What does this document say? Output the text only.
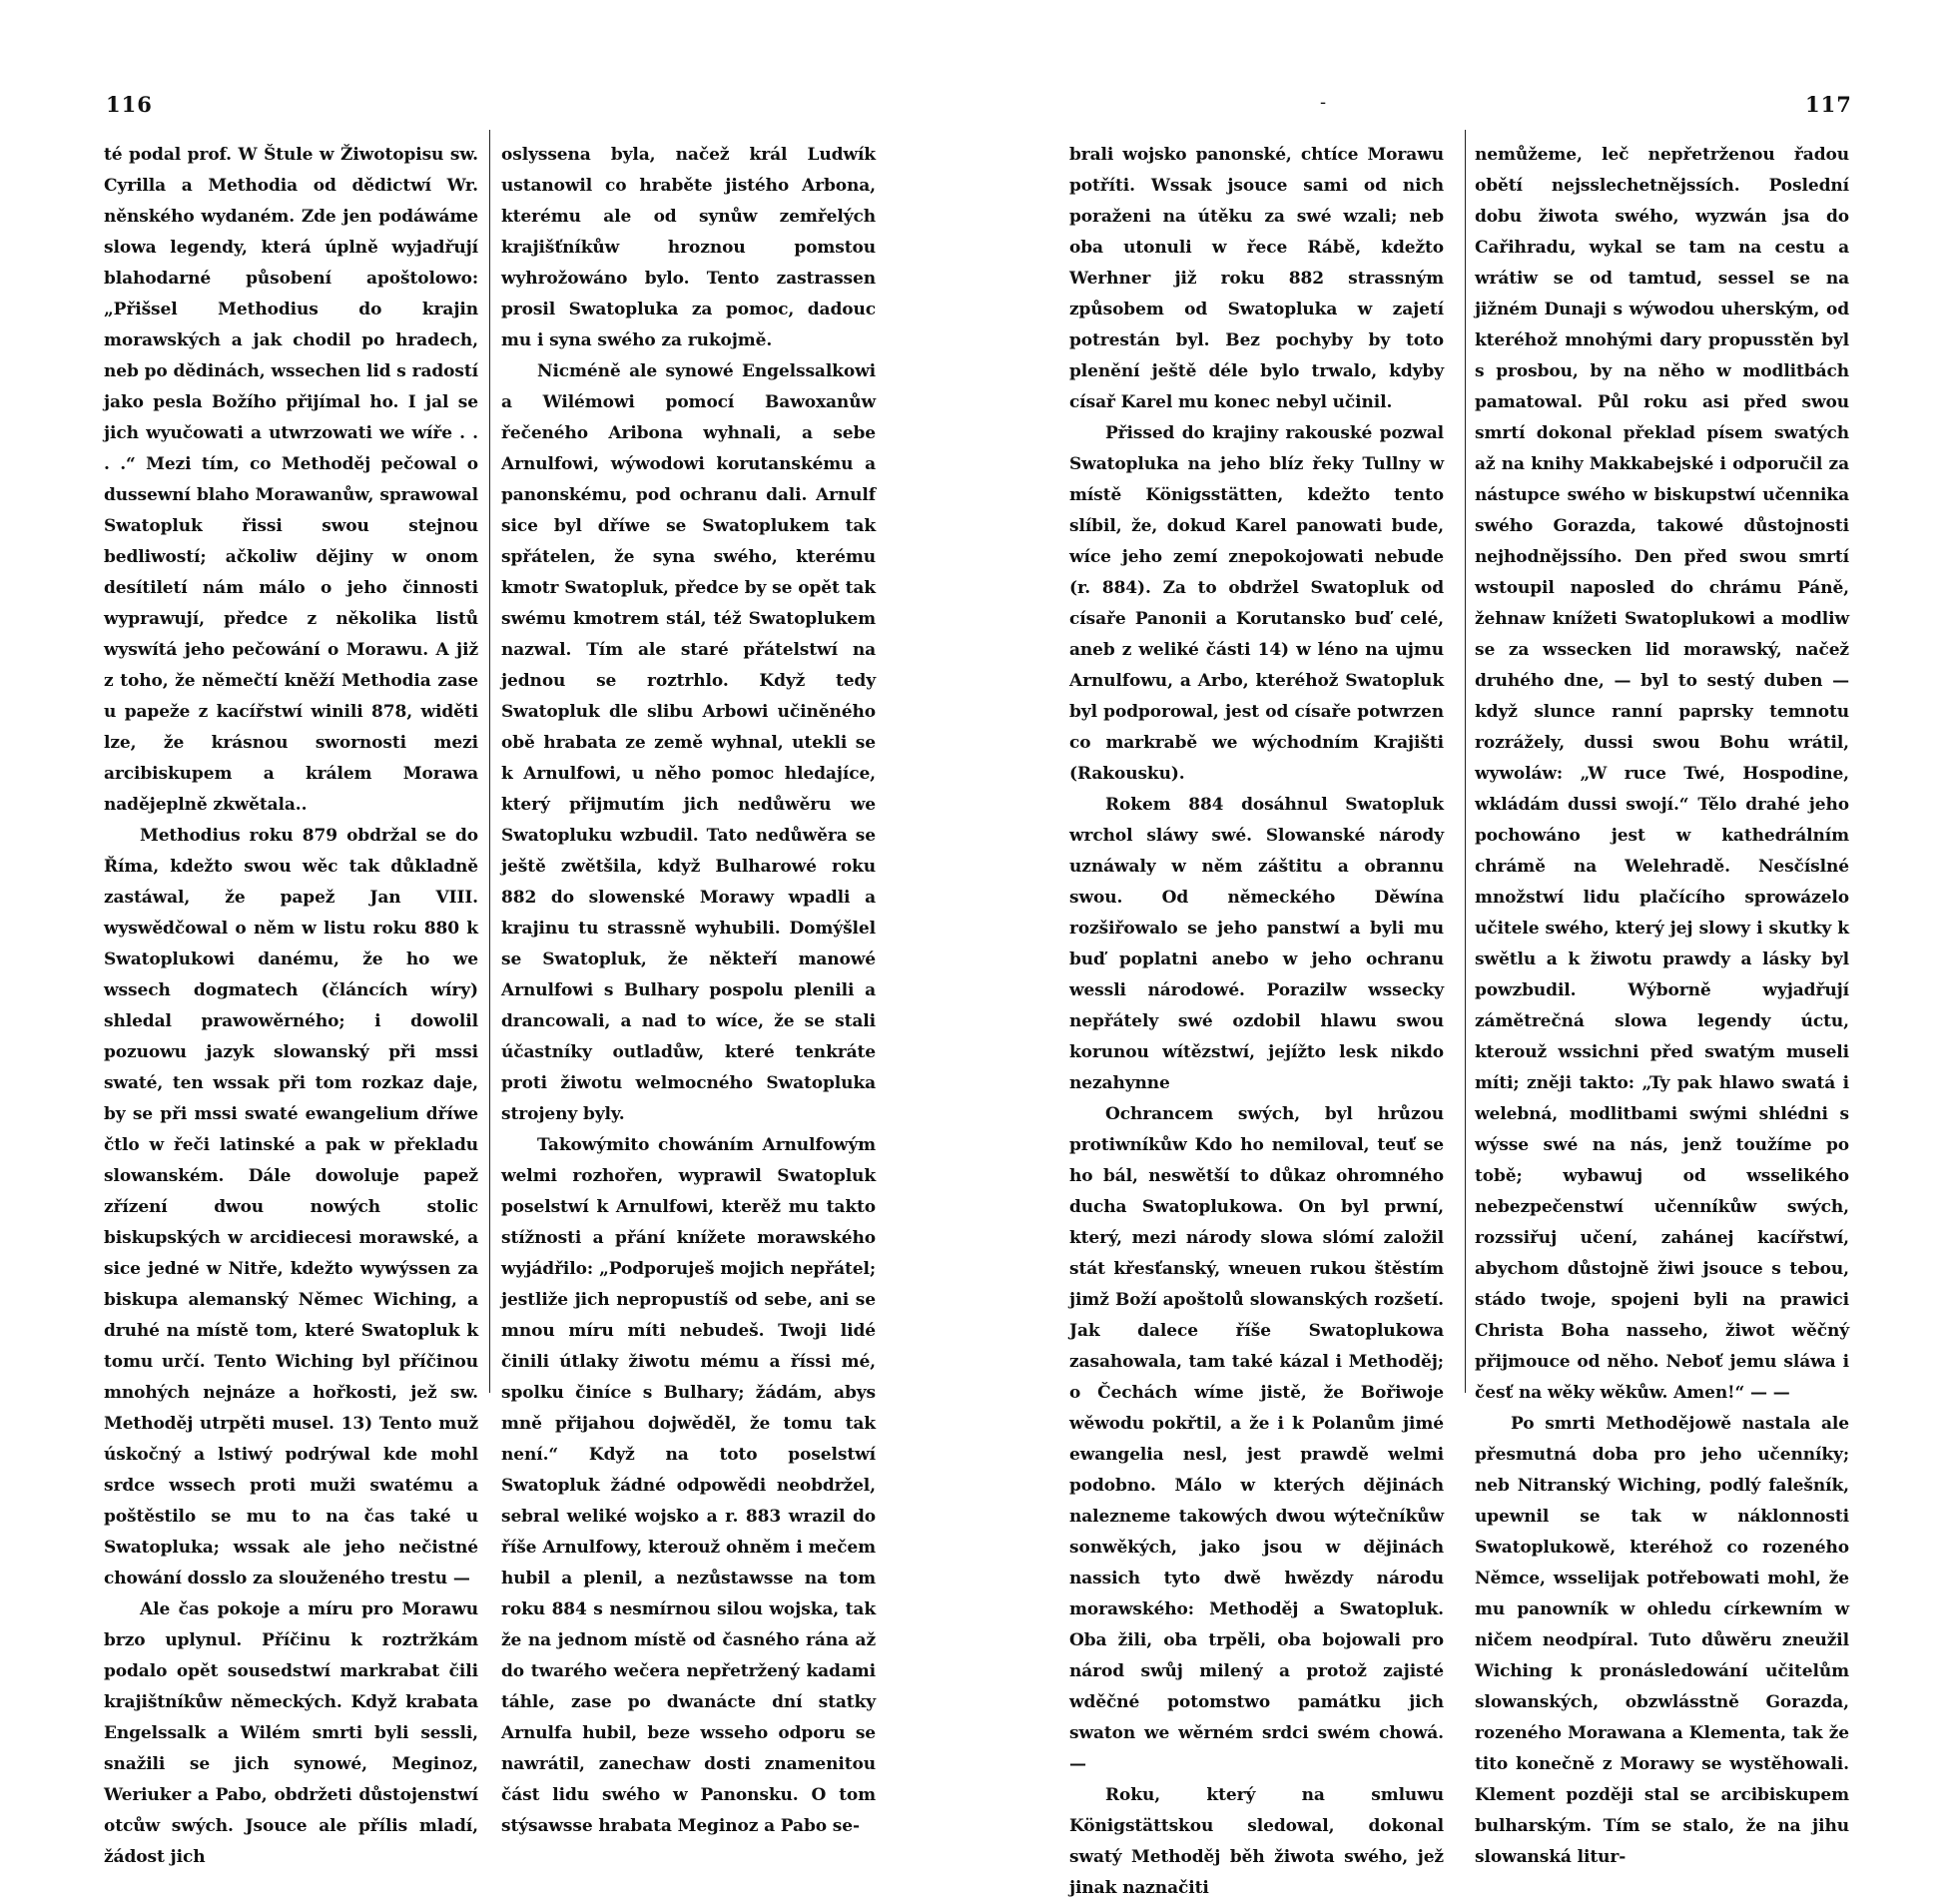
116

té podal prof. W Štule w Žiwotopisu sw. Cyrilla a Methodia od dědictwí Wr. něnského wydaném. Zde jen podáwáme slowa legendy, která úplně wyjadřují blahodarné působení apoštolowo: „Přišsel Methodius do krajin morawských a jak chodil po hradech, neb po dědinách, wssechen lid s radostí jako pesla Božího přijímal ho. I jal se jich wyučowati a utwrzowati we wíře . . . .“ Mezi tím, co Methoděj pečowal o dussewní blaho Morawanůw, sprawowal Swatopluk řissi swou stejnou bedliwostí; ačkoliw dějiny w onom desítiletí nám málo o jeho činnosti wyprawují, předce z několika listů wyswítá jeho pečowání o Morawu. A již z toho, že němečtí kněží Methodia zase u papeže z kacířstwí winili 878, widěti lze, že krásnou swornosti mezi arcibiskupem a králem Morawa nadějeplně zkwětala..

Methodius roku 879 obdržal se do Říma, kdežto swou wěc tak důkladně zastáwal, že papež Jan VIII. wyswědčowal o něm w listu roku 880 k Swatoplukowi danému, že ho we wssech dogmatech (článcích wíry) shledal prawowěrného; i dowolil pozuowu jazyk slowanský při mssi swaté, ten wssak při tom rozkaz daje, by se při mssi swaté ewangelium dříwe čtlo w řeči latinské a pak w překladu slowanském. Dále dowoluje papež zřízení dwou nowých stolic biskupských w arcidiecesi morawské, a sice jedné w Nitře, kdežto wywýssen za biskupa alemanský Němec Wiching, a druhé na místě tom, které Swatopluk k tomu určí. Tento Wiching byl příčinou mnohých nejnáze a hořkosti, jež sw. Methoděj utrpěti musel. 13) Tento muž úskočný a lstiwý podrýwal kde mohl srdce wssech proti muži swatému a poštěstilo se mu to na čas také u Swatopluka; wssak ale jeho nečistné chowání dosslo za slouženého trestu —

Ale čas pokoje a míru pro Morawu brzo uplynul. Příčinu k roztržkám podalo opět sousedstwí markrabat čili krajištníkůw německých. Když krabata Engelssalk a Wilém smrti byli sessli, snažili se jich synowé, Meginoz, Weriuker a Pabo, obdržeti důstojenstwí otcůw swých. Jsouce ale přílis mladí, žádost jich

oslyssena byla, načež král Ludwík ustanowil co hraběte jistého Arbona, kterému ale od synůw zemřelých krajišťníkůw hroznou pomstou wyhrožowáno bylo. Tento zastrassen prosil Swatopluka za pomoc, dadouc mu i syna swého za rukojmě.

Nicméně ale synowé Engelssalkowi a Wilémowi pomocí Bawoxanůw řečeného Aribona wyhnali, a sebe Arnulfowi, wýwodowi korutanskému a panonskému, pod ochranu dali. Arnulf sice byl dříwe se Swatoplukem tak spřátelen, že syna swého, kterému kmotr Swatopluk, předce by se opět tak swému kmotrem stál, též Swatoplukem nazwal. Tím ale staré přátelstwí na jednou se roztrhlo. Když tedy Swatopluk dle slibu Arbowi učiněného obě hrabata ze země wyhnal, utekli se k Arnulfowi, u něho pomoc hledajíce, který přijmutím jich nedůwěru we Swatopluku wzbudil. Tato nedůwěra se ještě zwětšila, když Bulharowé roku 882 do slowenské Morawy wpadli a krajinu tu strassně wyhubili. Domýšlel se Swatopluk, že někteří manowé Arnulfowi s Bulhary pospolu plenili a drancowali, a nad to wíce, že se stali účastníky outladůw, které tenkráte proti žiwotu welmocného Swatopluka strojeny byly.

Takowýmito chowáním Arnulfowým welmi rozhořen, wyprawil Swatopluk poselstwí k Arnulfowi, kterěž mu takto stížnosti a přání knížete morawského wyjádřilo: „Podporuješ mojich nepřátel; jestliže jich nepropustíš od sebe, ani se mnou míru míti nebudeš. Twoji lidé činili útlaky žiwotu mému a říssi mé, spolku činíce s Bulhary; žádám, abys mně přijahou dojwěděl, že tomu tak není.“ Když na toto poselstwí Swatopluk žádné odpowědi neobdržel, sebral weliké wojsko a r. 883 wrazil do říše Arnulfowy, kterouž ohněm i mečem hubil a plenil, a nezůstawsse na tom roku 884 s nesmírnou silou wojska, tak že na jednom místě od časného rána až do twarého wečera nepřetržený kadami táhle, zase po dwanácte dní statky Arnulfa hubil, beze wsseho odporu se nawrátil, zanechaw dosti znamenitou část lidu swého w Panonsku. O tom stýsawsse hrabata Meginoz a Pabo se-

-	117

brali wojsko panonské, chtíce Morawu potříti. Wssak jsouce sami od nich poraženi na útěku za swé wzali; neb oba utonuli w řece Rábě, kdežto Werhner již roku 882 strassným způsobem od Swatopluka w zajetí potrestán byl. Bez pochyby by toto plenění ještě déle bylo trwalo, kdyby císař Karel mu konec nebyl učinil.

Přissed do krajiny rakouské pozwal Swatopluka na jeho blíz řeky Tullny w místě Königsstätten, kdežto tento slíbil, že, dokud Karel panowati bude, wíce jeho zemí znepokojowati nebude (r. 884). Za to obdržel Swatopluk od císaře Panonii a Korutansko buď celé, aneb z weliké části 14) w léno na ujmu Arnulfowu, a Arbo, kteréhož Swatopluk byl podporowal, jest od císaře potwrzen co markrabě we wýchodním Krajišti (Rakousku).

Rokem 884 dosáhnul Swatopluk wrchol sláwy swé. Slowanské národy uznáwaly w něm záštitu a obrannu swou. Od německého Děwína rozšiřowalo se jeho panstwí a byli mu buď poplatni anebo w jeho ochranu wessli národowé. Porazilw wssecky nepřátely swé ozdobil hlawu swou korunou wítězstwí, jejížto lesk nikdo nezahynne

Ochrancem swých, byl hrůzou protiwníkůw Kdo ho nemiloval, teuť se ho bál, neswětší to důkaz ohromného ducha Swatoplukowa. On byl prwní, který, mezi národy slowa slómí založil stát křesťanský, wneuen rukou štěstím jimž Boží apoštolů slowanských rozšetí. Jak dalece říše Swatoplukowa zasahowala, tam také kázal i Methoděj; o Čechách wíme jistě, že Bořiwoje wěwodu pokřtil, a že i k Polanům jimé ewangelia nesl, jest prawdě welmi podobno. Málo w kterých dějinách nalezneme takowých dwou wýtečníkůw sonwěkých, jako jsou w dějinách nassich tyto dwě hwězdy národu morawského: Methoděj a Swatopluk. Oba žili, oba trpěli, oba bojowali pro národ swůj milený a protož zajisté wděčné potomstwo památku jich swaton we wěrném srdci swém chowá. —

Roku, který na smluwu Königstättskou sledowal, dokonal swatý Methoděj běh žiwota swého, jež jinak naznačiti

nemůžeme, leč nepřetrženou řadou obětí nejsslechetnějssích. Poslední dobu žiwota swého, wyzwán jsa do Cařihradu, wykal se tam na cestu a wrátiw se od tamtud, sessel se na jižném Dunaji s wýwodou uherským, od kteréhož mnohými dary propusstěn byl s prosbou, by na něho w modlitbách pamatowal. Půl roku asi před swou smrtí dokonal překlad písem swatých až na knihy Makkabejské i odporučil za nástupce swého w biskupstwí učennika swého Gorazda, takowé důstojnosti nejhodnějssího. Den před swou smrtí wstoupil naposled do chrámu Páně, žehnaw knížeti Swatoplukowi a modliw se za wssecken lid morawský, načež druhého dne, — byl to sestý duben — když slunce ranní paprsky temnotu rozrážely, dussi swou Bohu wrátil, wywoláw: „W ruce Twé, Hospodine, wkládám dussi swojí.“ Tělo drahé jeho pochowáno jest w kathedrálním chrámě na Welehradě. Nesčíslné množstwí lidu plačícího sprowázelo učitele swého, který jej slowy i skutky k swětlu a k žiwotu prawdy a lásky byl powzbudil. Wýborně wyjadřují zámětrečná slowa legendy úctu, kterouž wssichni před swatým museli míti; zněji takto: „Ty pak hlawo swatá i welebná, modlitbami swými shlédni s wýsse swé na nás, jenž toužíme po tobě; wybawuj od wsselikého nebezpečenstwí učenníkůw swých, rozssiřuj učení, zahánej kacířstwí, abychom důstojně žiwi jsouce s tebou, stádo twoje, spojeni byli na prawici Christa Boha nasseho, žiwot wěčný přijmouce od něho. Neboť jemu sláwa i česť na wěky wěkůw. Amen!“ — —

Po smrti Methodějowě nastala ale přesmutná doba pro jeho učenníky; neb Nitranský Wiching, podlý falešník, upewnil se tak w náklonnosti Swatoplukowě, kteréhož co rozeného Němce, wsselijak potřebowati mohl, že mu panowník w ohledu církewním w ničem neodpíral. Tuto důwěru zneužil Wiching k pronásledowání učitelům slowanských, obzwlásstně Gorazda, rozeného Morawana a Klementa, tak že tito konečně z Morawy se wystěhowali. Klement později stal se arcibiskupem bulharským. Tím se stalo, že na jihu slowanská litur-
